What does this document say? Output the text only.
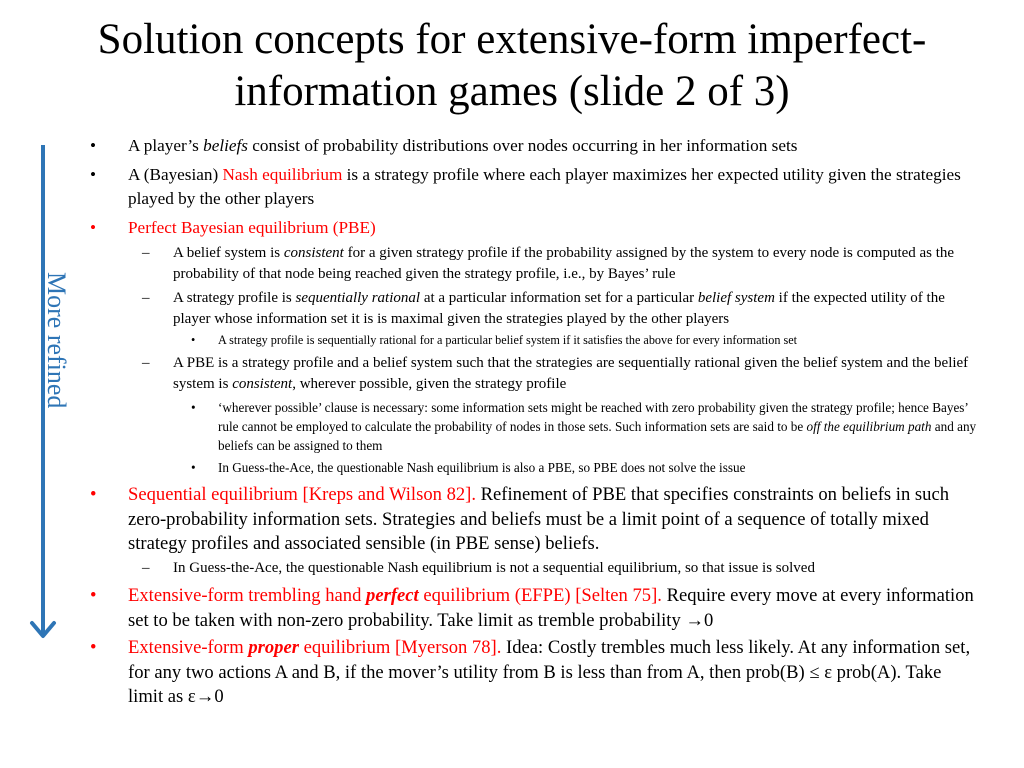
Solution concepts for extensive-form imperfect-
information games (slide 2 of 3)
More refined
• A player’s beliefs consist of probability distributions over nodes occurring in her information sets
• A (Bayesian) Nash equilibrium is a strategy profile where each player maximizes her expected utility given the strategies played by the other players
• Perfect Bayesian equilibrium (PBE)
– A belief system is consistent for a given strategy profile if the probability assigned by the system to every node is computed as the probability of that node being reached given the strategy profile, i.e., by Bayes’ rule
– A strategy profile is sequentially rational at a particular information set for a particular belief system if the expected utility of the player whose information set it is is maximal given the strategies played by the other players
• A strategy profile is sequentially rational for a particular belief system if it satisfies the above for every information set
– A PBE is a strategy profile and a belief system such that the strategies are sequentially rational given the belief system and the belief system is consistent, wherever possible, given the strategy profile
• ‘wherever possible’ clause is necessary: some information sets might be reached with zero probability given the strategy profile; hence Bayes’ rule cannot be employed to calculate the probability of nodes in those sets. Such information sets are said to be off the equilibrium path and any beliefs can be assigned to them
• In Guess-the-Ace, the questionable Nash equilibrium is also a PBE, so PBE does not solve the issue
• Sequential equilibrium [Kreps and Wilson 82]. Refinement of PBE that specifies constraints on beliefs in such zero-probability information sets. Strategies and beliefs must be a limit point of a sequence of totally mixed strategy profiles and associated sensible (in PBE sense) beliefs.
– In Guess-the-Ace, the questionable Nash equilibrium is not a sequential equilibrium, so that issue is solved
• Extensive-form trembling hand perfect equilibrium (EFPE) [Selten 75]. Require every move at every information set to be taken with non-zero probability. Take limit as tremble probability →0
• Extensive-form proper equilibrium [Myerson 78]. Idea: Costly trembles much less likely. At any information set, for any two actions A and B, if the mover’s utility from B is less than from A, then prob(B) ≤ ε prob(A). Take limit as ε→0
